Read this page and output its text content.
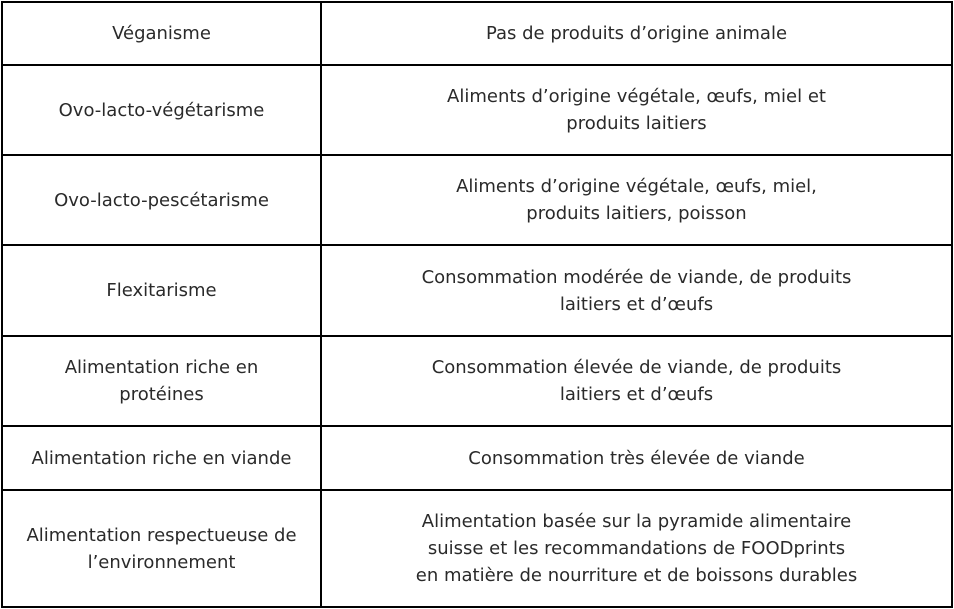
Véganisme	Pas de produits d’origine animale
Ovo-lacto-végétarisme	Aliments d’origine végétale, œufs, miel et
produits laitiers
Ovo-lacto-pescétarisme	Aliments d’origine végétale, œufs, miel,
produits laitiers, poisson
Flexitarisme	Consommation modérée de viande, de produits
laitiers et d’œufs
Alimentation riche en
protéines	Consommation élevée de viande, de produits
laitiers et d’œufs
Alimentation riche en viande	Consommation très élevée de viande
Alimentation respectueuse de
l’environnement	Alimentation basée sur la pyramide alimentaire
suisse et les recommandations de FOODprints
en matière de nourriture et de boissons durables
